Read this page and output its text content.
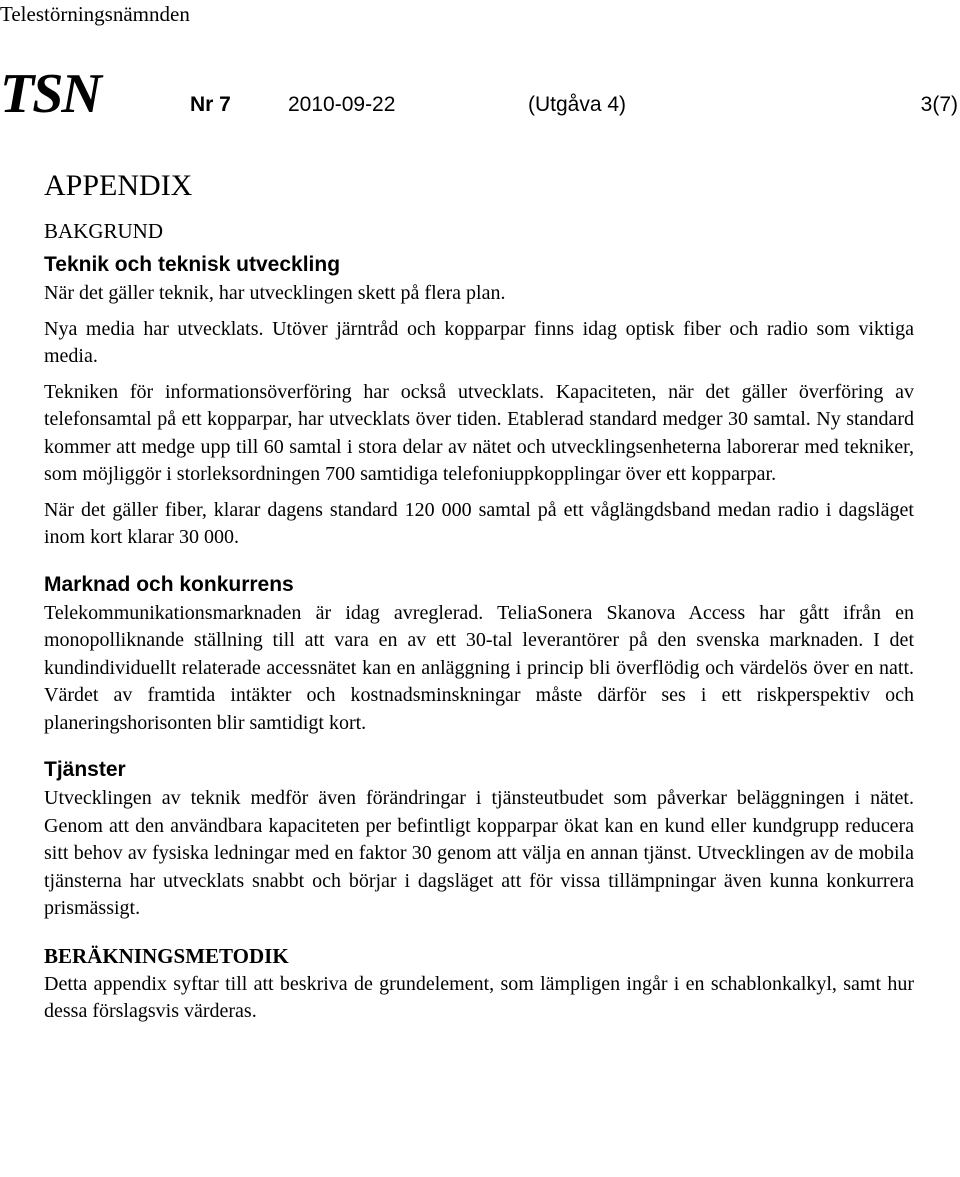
Telestörningsnämnden
TSN	Nr 7	2010-09-22	(Utgåva 4)	3(7)
APPENDIX
BAKGRUND
Teknik och teknisk utveckling

När det gäller teknik, har utvecklingen skett på flera plan.

Nya media har utvecklats. Utöver järntråd och kopparpar finns idag optisk fiber och radio som viktiga media.

Tekniken för informationsöverföring har också utvecklats. Kapaciteten, när det gäller överföring av telefonsamtal på ett kopparpar, har utvecklats över tiden. Etablerad standard medger 30 samtal. Ny standard kommer att medge upp till 60 samtal i stora delar av nätet och utvecklingsenheterna laborerar med tekniker, som möjliggör i storleksordningen 700 samtidiga telefoniuppkopplingar över ett kopparpar.

När det gäller fiber, klarar dagens standard 120 000 samtal på ett våglängdsband medan radio i dagsläget inom kort klarar 30 000.

Marknad och konkurrens

Telekommunikationsmarknaden är idag avreglerad. TeliaSonera Skanova Access har gått ifrån en monopolliknande ställning till att vara en av ett 30-tal leverantörer på den svenska marknaden. I det kundindividuellt relaterade accessnätet kan en anläggning i princip bli överflödig och värdelös över en natt. Värdet av framtida intäkter och kostnadsminskningar måste därför ses i ett riskperspektiv och planeringshorisonten blir samtidigt kort.

Tjänster

Utvecklingen av teknik medför även förändringar i tjänsteutbudet som påverkar beläggningen i nätet. Genom att den användbara kapaciteten per befintligt kopparpar ökat kan en kund eller kundgrupp reducera sitt behov av fysiska ledningar med en faktor 30 genom att välja en annan tjänst. Utvecklingen av de mobila tjänsterna har utvecklats snabbt och börjar i dagsläget att för vissa tillämpningar även kunna konkurrera prismässigt.

BERÄKNINGSMETODIK

Detta appendix syftar till att beskriva de grundelement, som lämpligen ingår i en schablonkalkyl, samt hur dessa förslagsvis värderas.
